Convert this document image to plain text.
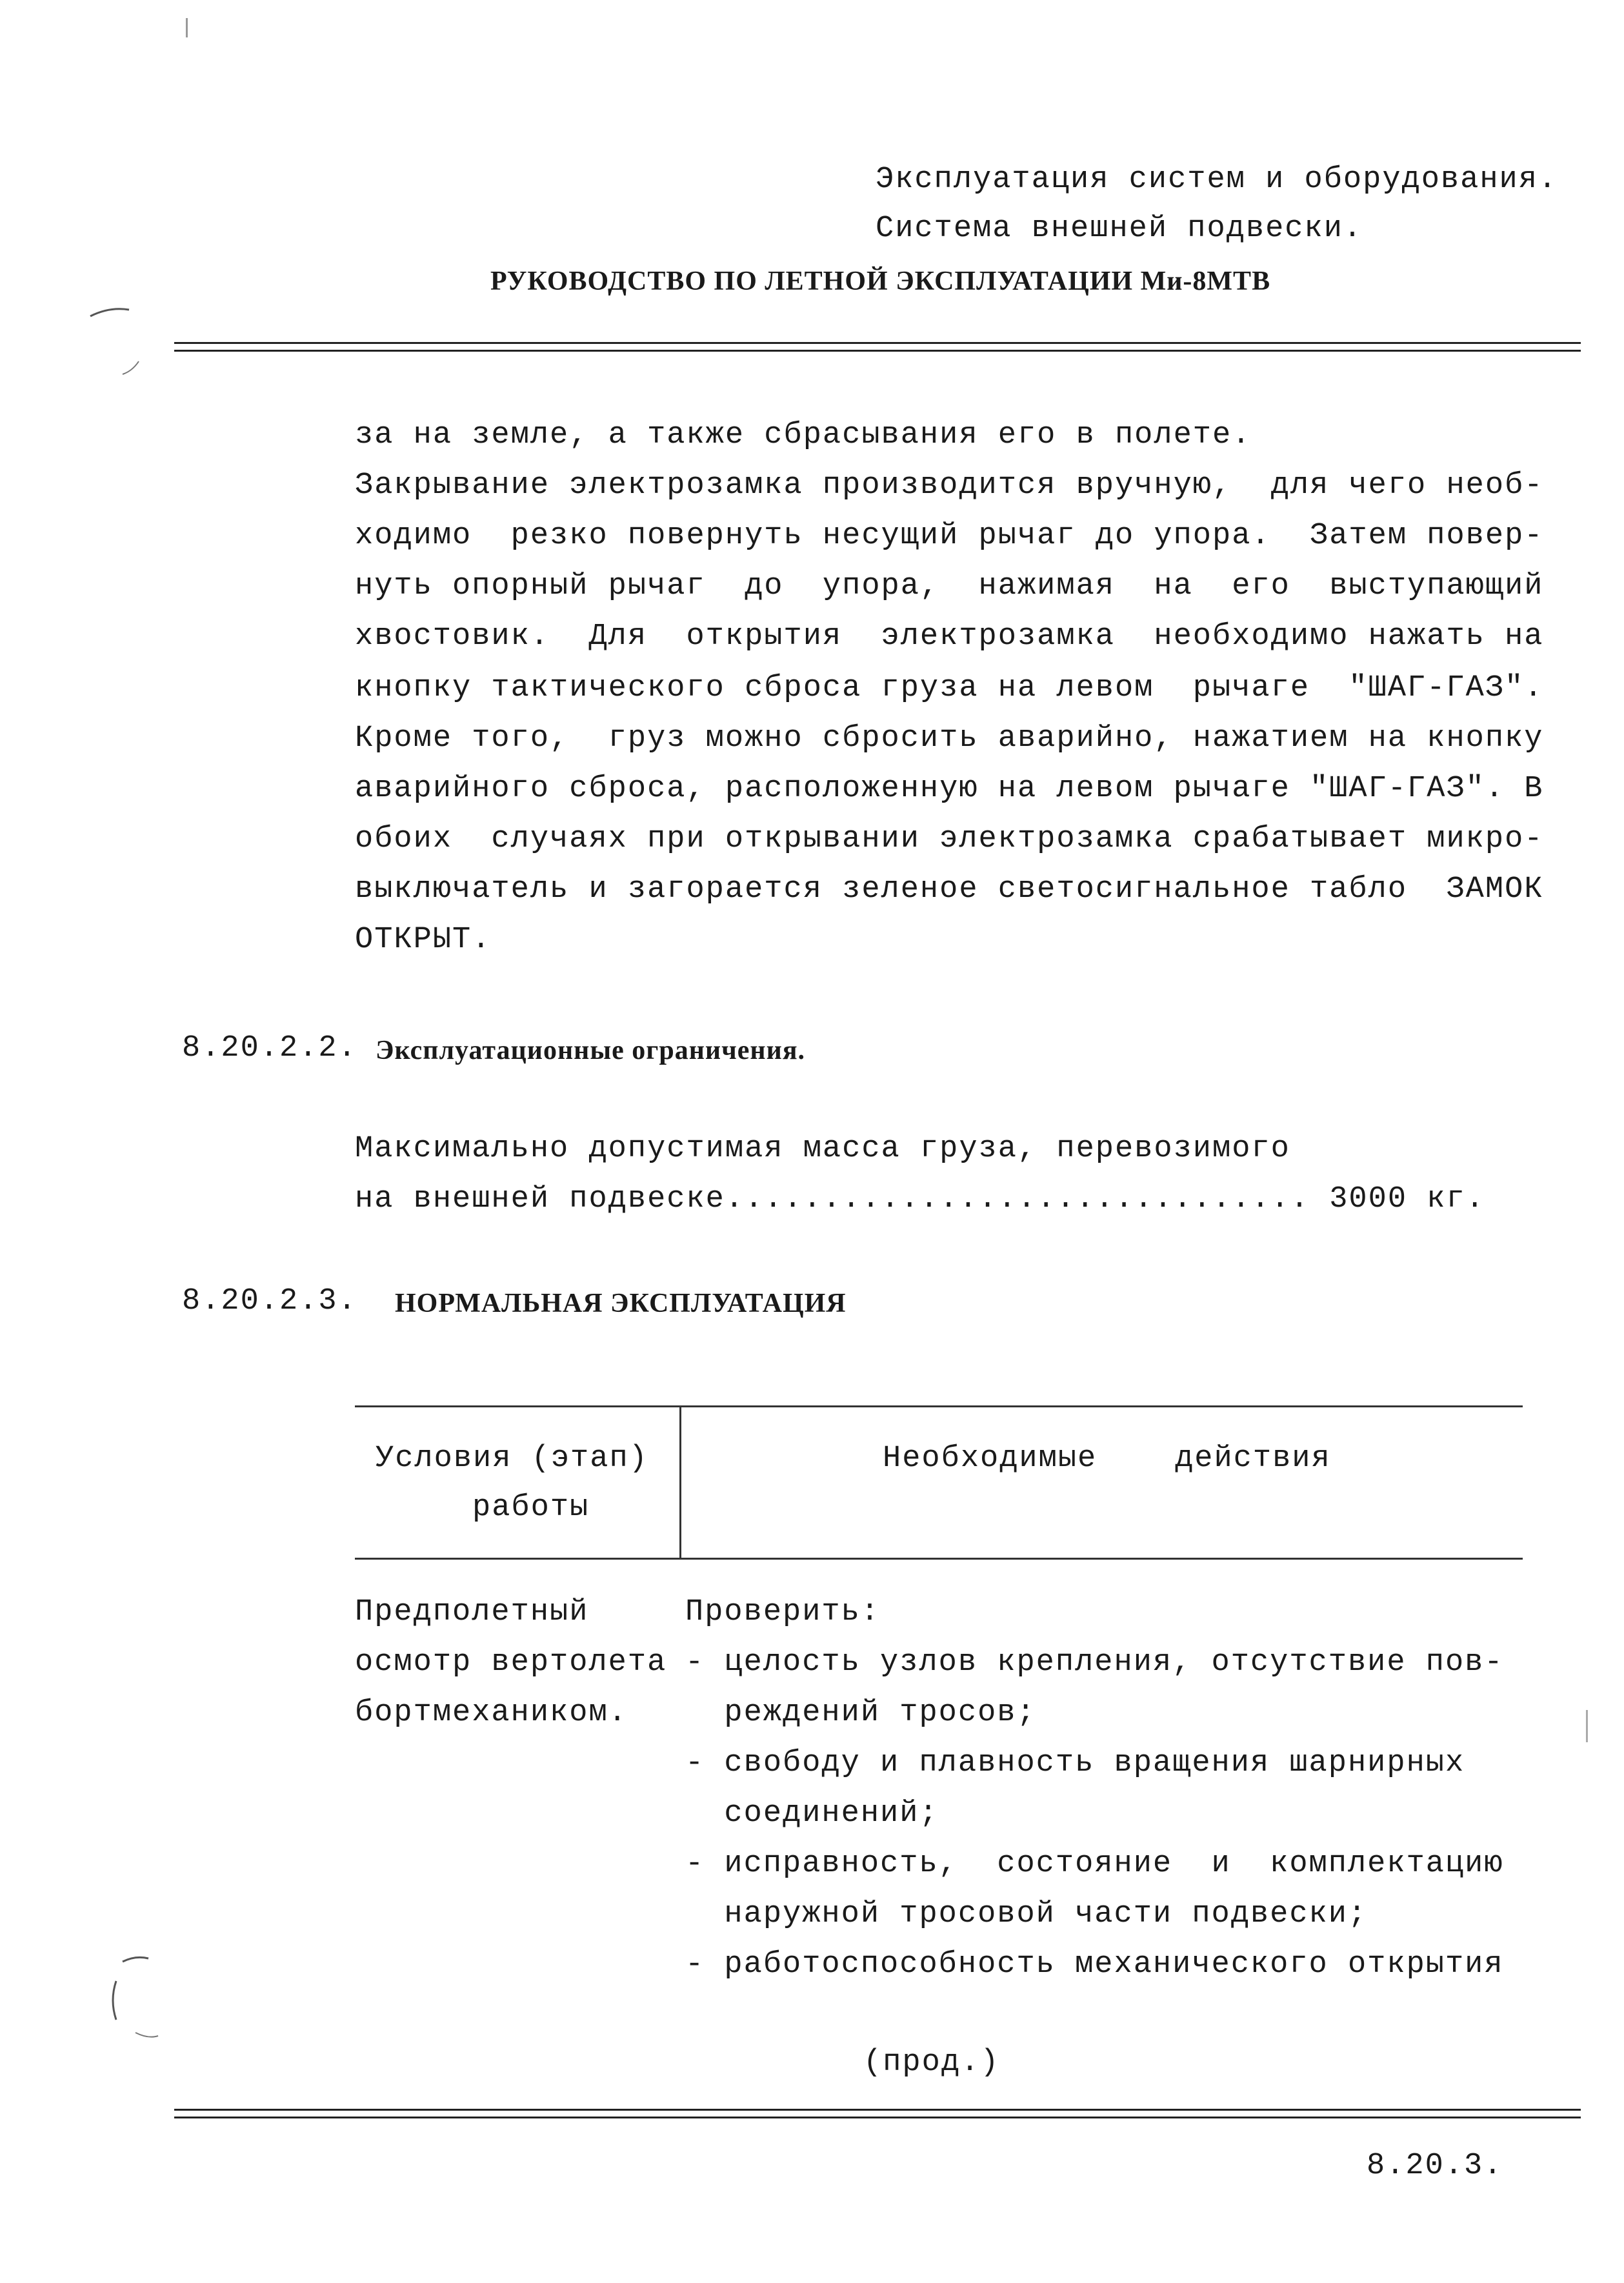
Эксплуатация систем и оборудования.
Система внешней подвески.
РУКОВОДСТВО ПО ЛЕТНОЙ ЭКСПЛУАТАЦИИ Ми-8МТВ
за на земле, а также сбрасывания его в полете.
Закрывание электрозамка производится вручную,  для чего необ-
ходимо  резко повернуть несущий рычаг до упора.  Затем повер-
нуть опорный рычаг  до  упора,  нажимая  на  его  выступающий
хвостовик.  Для  открытия  электрозамка  необходимо нажать на
кнопку тактического сброса груза на левом  рычаге  "ШАГ-ГАЗ".
Кроме того,  груз можно сбросить аварийно, нажатием на кнопку
аварийного сброса, расположенную на левом рычаге "ШАГ-ГАЗ". В
обоих  случаях при открывании электрозамка срабатывает микро-
выключатель и загорается зеленое светосигнальное табло  ЗАМОК
ОТКРЫТ.
8.20.2.2. Эксплуатационные ограничения.
Максимально допустимая масса груза, перевозимого
на внешней подвеске.............................. 3000 кг.
8.20.2.3. НОРМАЛЬНАЯ ЭКСПЛУАТАЦИЯ
Условия (этап)
работы
Необходимые    действия
Предполетный
осмотр вертолета
бортмехаником.
Проверить:
- целость узлов крепления, отсутствие пов-
реждений тросов;
- свободу и плавность вращения шарнирных
соединений;
- исправность,  состояние  и  комплектацию
наружной тросовой части подвески;
- работоспособность механического открытия
(прод.)
8.20.3.
